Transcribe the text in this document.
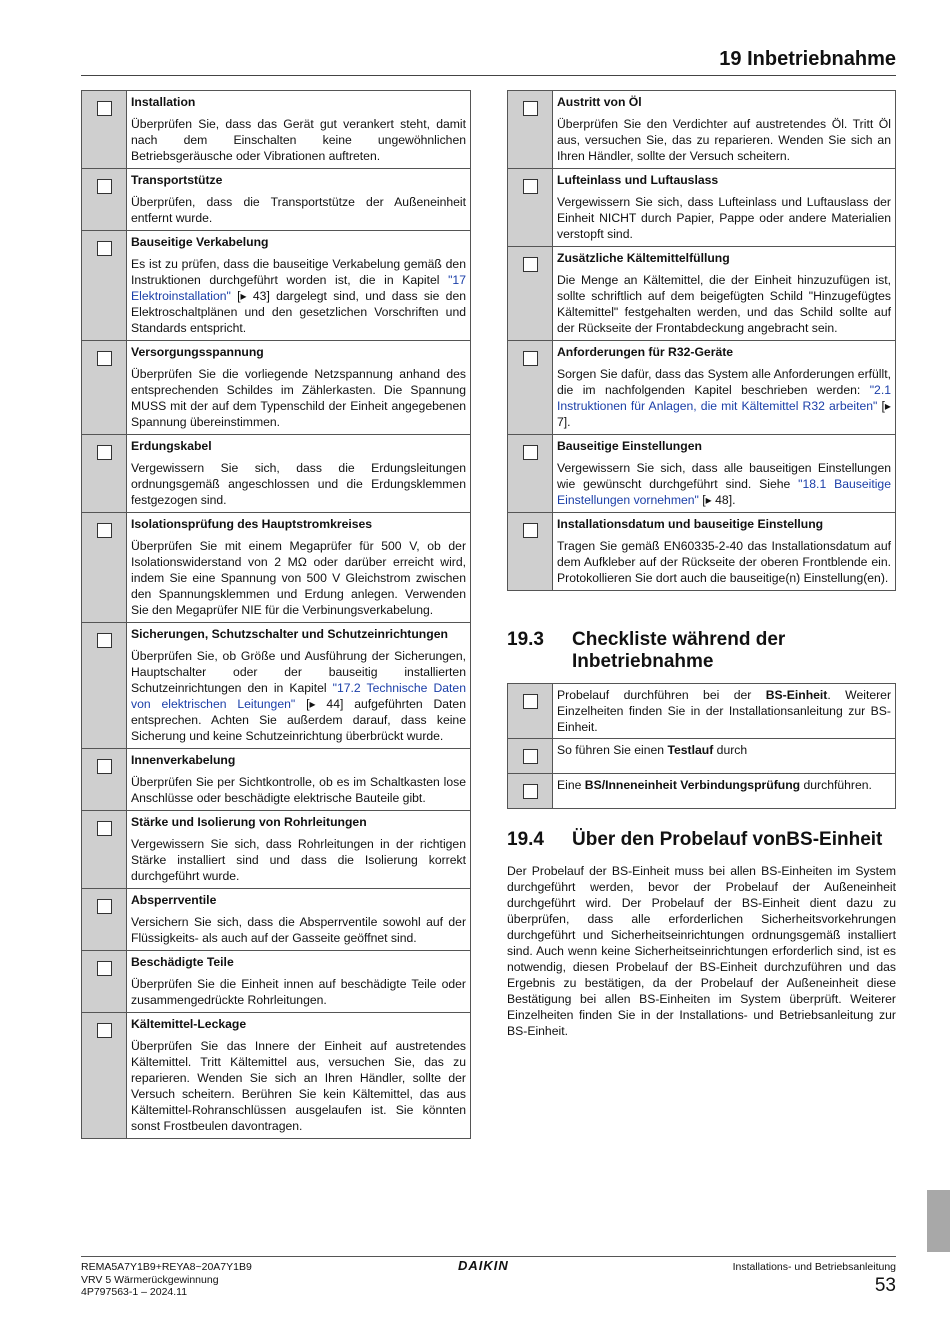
19 Inbetriebnahme

	Installation
Überprüfen Sie, dass das Gerät gut verankert steht, damit nach dem Einschalten keine ungewöhnlichen Betriebsgeräusche oder Vibrationen auftreten.

	Transportstütze
Überprüfen, dass die Transportstütze der Außeneinheit entfernt wurde.

	Bauseitige Verkabelung
Es ist zu prüfen, dass die bauseitige Verkabelung gemäß den Instruktionen durchgeführt worden ist, die in Kapitel "17 Elektroinstallation" [▸ 43] dargelegt sind, und dass sie den Elektroschaltplänen und den gesetzlichen Vorschriften und Standards entspricht.

	Versorgungsspannung
Überprüfen Sie die vorliegende Netzspannung anhand des entsprechenden Schildes im Zählerkasten. Die Spannung MUSS mit der auf dem Typenschild der Einheit angegebenen Spannung übereinstimmen.

	Erdungskabel
Vergewissern Sie sich, dass die Erdungsleitungen ordnungsgemäß angeschlossen und die Erdungsklemmen festgezogen sind.

	Isolationsprüfung des Hauptstromkreises
Überprüfen Sie mit einem Megaprüfer für 500 V, ob der Isolationswiderstand von 2 MΩ oder darüber erreicht wird, indem Sie eine Spannung von 500 V Gleichstrom zwischen den Spannungsklemmen und Erdung anlegen. Verwenden Sie den Megaprüfer NIE für die Verbinungsverkabelung.

	Sicherungen, Schutzschalter und Schutzeinrichtungen
Überprüfen Sie, ob Größe und Ausführung der Sicherungen, Hauptschalter oder der bauseitig installierten Schutzeinrichtungen den in Kapitel "17.2 Technische Daten von elektrischen Leitungen" [▸ 44] aufgeführten Daten entsprechen. Achten Sie außerdem darauf, dass keine Sicherung und keine Schutzeinrichtung überbrückt wurde.

	Innenverkabelung
Überprüfen Sie per Sichtkontrolle, ob es im Schaltkasten lose Anschlüsse oder beschädigte elektrische Bauteile gibt.

	Stärke und Isolierung von Rohrleitungen
Vergewissern Sie sich, dass Rohrleitungen in der richtigen Stärke installiert sind und dass die Isolierung korrekt durchgeführt wurde.

	Absperrventile
Versichern Sie sich, dass die Absperrventile sowohl auf der Flüssigkeits- als auch auf der Gasseite geöffnet sind.

	Beschädigte Teile
Überprüfen Sie die Einheit innen auf beschädigte Teile oder zusammengedrückte Rohrleitungen.

	Kältemittel-Leckage
Überprüfen Sie das Innere der Einheit auf austretendes Kältemittel. Tritt Kältemittel aus, versuchen Sie, das zu reparieren. Wenden Sie sich an Ihren Händler, sollte der Versuch scheitern. Berühren Sie kein Kältemittel, das aus Kältemittel-Rohranschlüssen ausgelaufen ist. Sie könnten sonst Frostbeulen davontragen.

	Austritt von Öl
Überprüfen Sie den Verdichter auf austretendes Öl. Tritt Öl aus, versuchen Sie, das zu reparieren. Wenden Sie sich an Ihren Händler, sollte der Versuch scheitern.

	Lufteinlass und Luftauslass
Vergewissern Sie sich, dass Lufteinlass und Luftauslass der Einheit NICHT durch Papier, Pappe oder andere Materialien verstopft sind.

	Zusätzliche Kältemittelfüllung
Die Menge an Kältemittel, die der Einheit hinzuzufügen ist, sollte schriftlich auf dem beigefügten Schild "Hinzugefügtes Kältemittel" festgehalten werden, und das Schild sollte auf der Rückseite der Frontabdeckung angebracht sein.

	Anforderungen für R32-Geräte
Sorgen Sie dafür, dass das System alle Anforderungen erfüllt, die im nachfolgenden Kapitel beschrieben werden: "2.1 Instruktionen für Anlagen, die mit Kältemittel R32 arbeiten" [▸ 7].

	Bauseitige Einstellungen
Vergewissern Sie sich, dass alle bauseitigen Einstellungen wie gewünscht durchgeführt sind. Siehe "18.1 Bauseitige Einstellungen vornehmen" [▸ 48].

	Installationsdatum und bauseitige Einstellung
Tragen Sie gemäß EN60335-2-40 das Installationsdatum auf dem Aufkleber auf der Rückseite der oberen Frontblende ein. Protokollieren Sie dort auch die bauseitige(n) Einstellung(en).
19.3 Checkliste während der Inbetriebnahme
	Probelauf durchführen bei der BS-Einheit. Weiterer Einzelheiten finden Sie in der Installationsanleitung zur BS-Einheit.

	So führen Sie einen Testlauf durch

	Eine BS/Inneneinheit Verbindungsprüfung durchführen.
19.4 Über den Probelauf vonBS-Einheit
Der Probelauf der BS-Einheit muss bei allen BS-Einheiten im System durchgeführt werden, bevor der Probelauf der Außeneinheit durchgeführt wird. Der Probelauf der BS-Einheit dient dazu zu überprüfen, dass alle erforderlichen Sicherheitsvorkehrungen durchgeführt und Sicherheitseinrichtungen ordnungsgemäß installiert sind. Auch wenn keine Sicherheitseinrichtungen erforderlich sind, ist es notwendig, diesen Probelauf der BS-Einheit durchzuführen und das Ergebnis zu bestätigen, da der Probelauf der Außeneinheit diese Bestätigung bei allen BS-Einheiten im System überprüft. Weiterer Einzelheiten finden Sie in der Installations- und Betriebsanleitung zur BS-Einheit.
REMA5A7Y1B9+REYA8~20A7Y1B9
VRV 5 Wärmerückgewinnung
4P797563-1 – 2024.11
DAIKIN	Installations- und Betriebsanleitung
53
